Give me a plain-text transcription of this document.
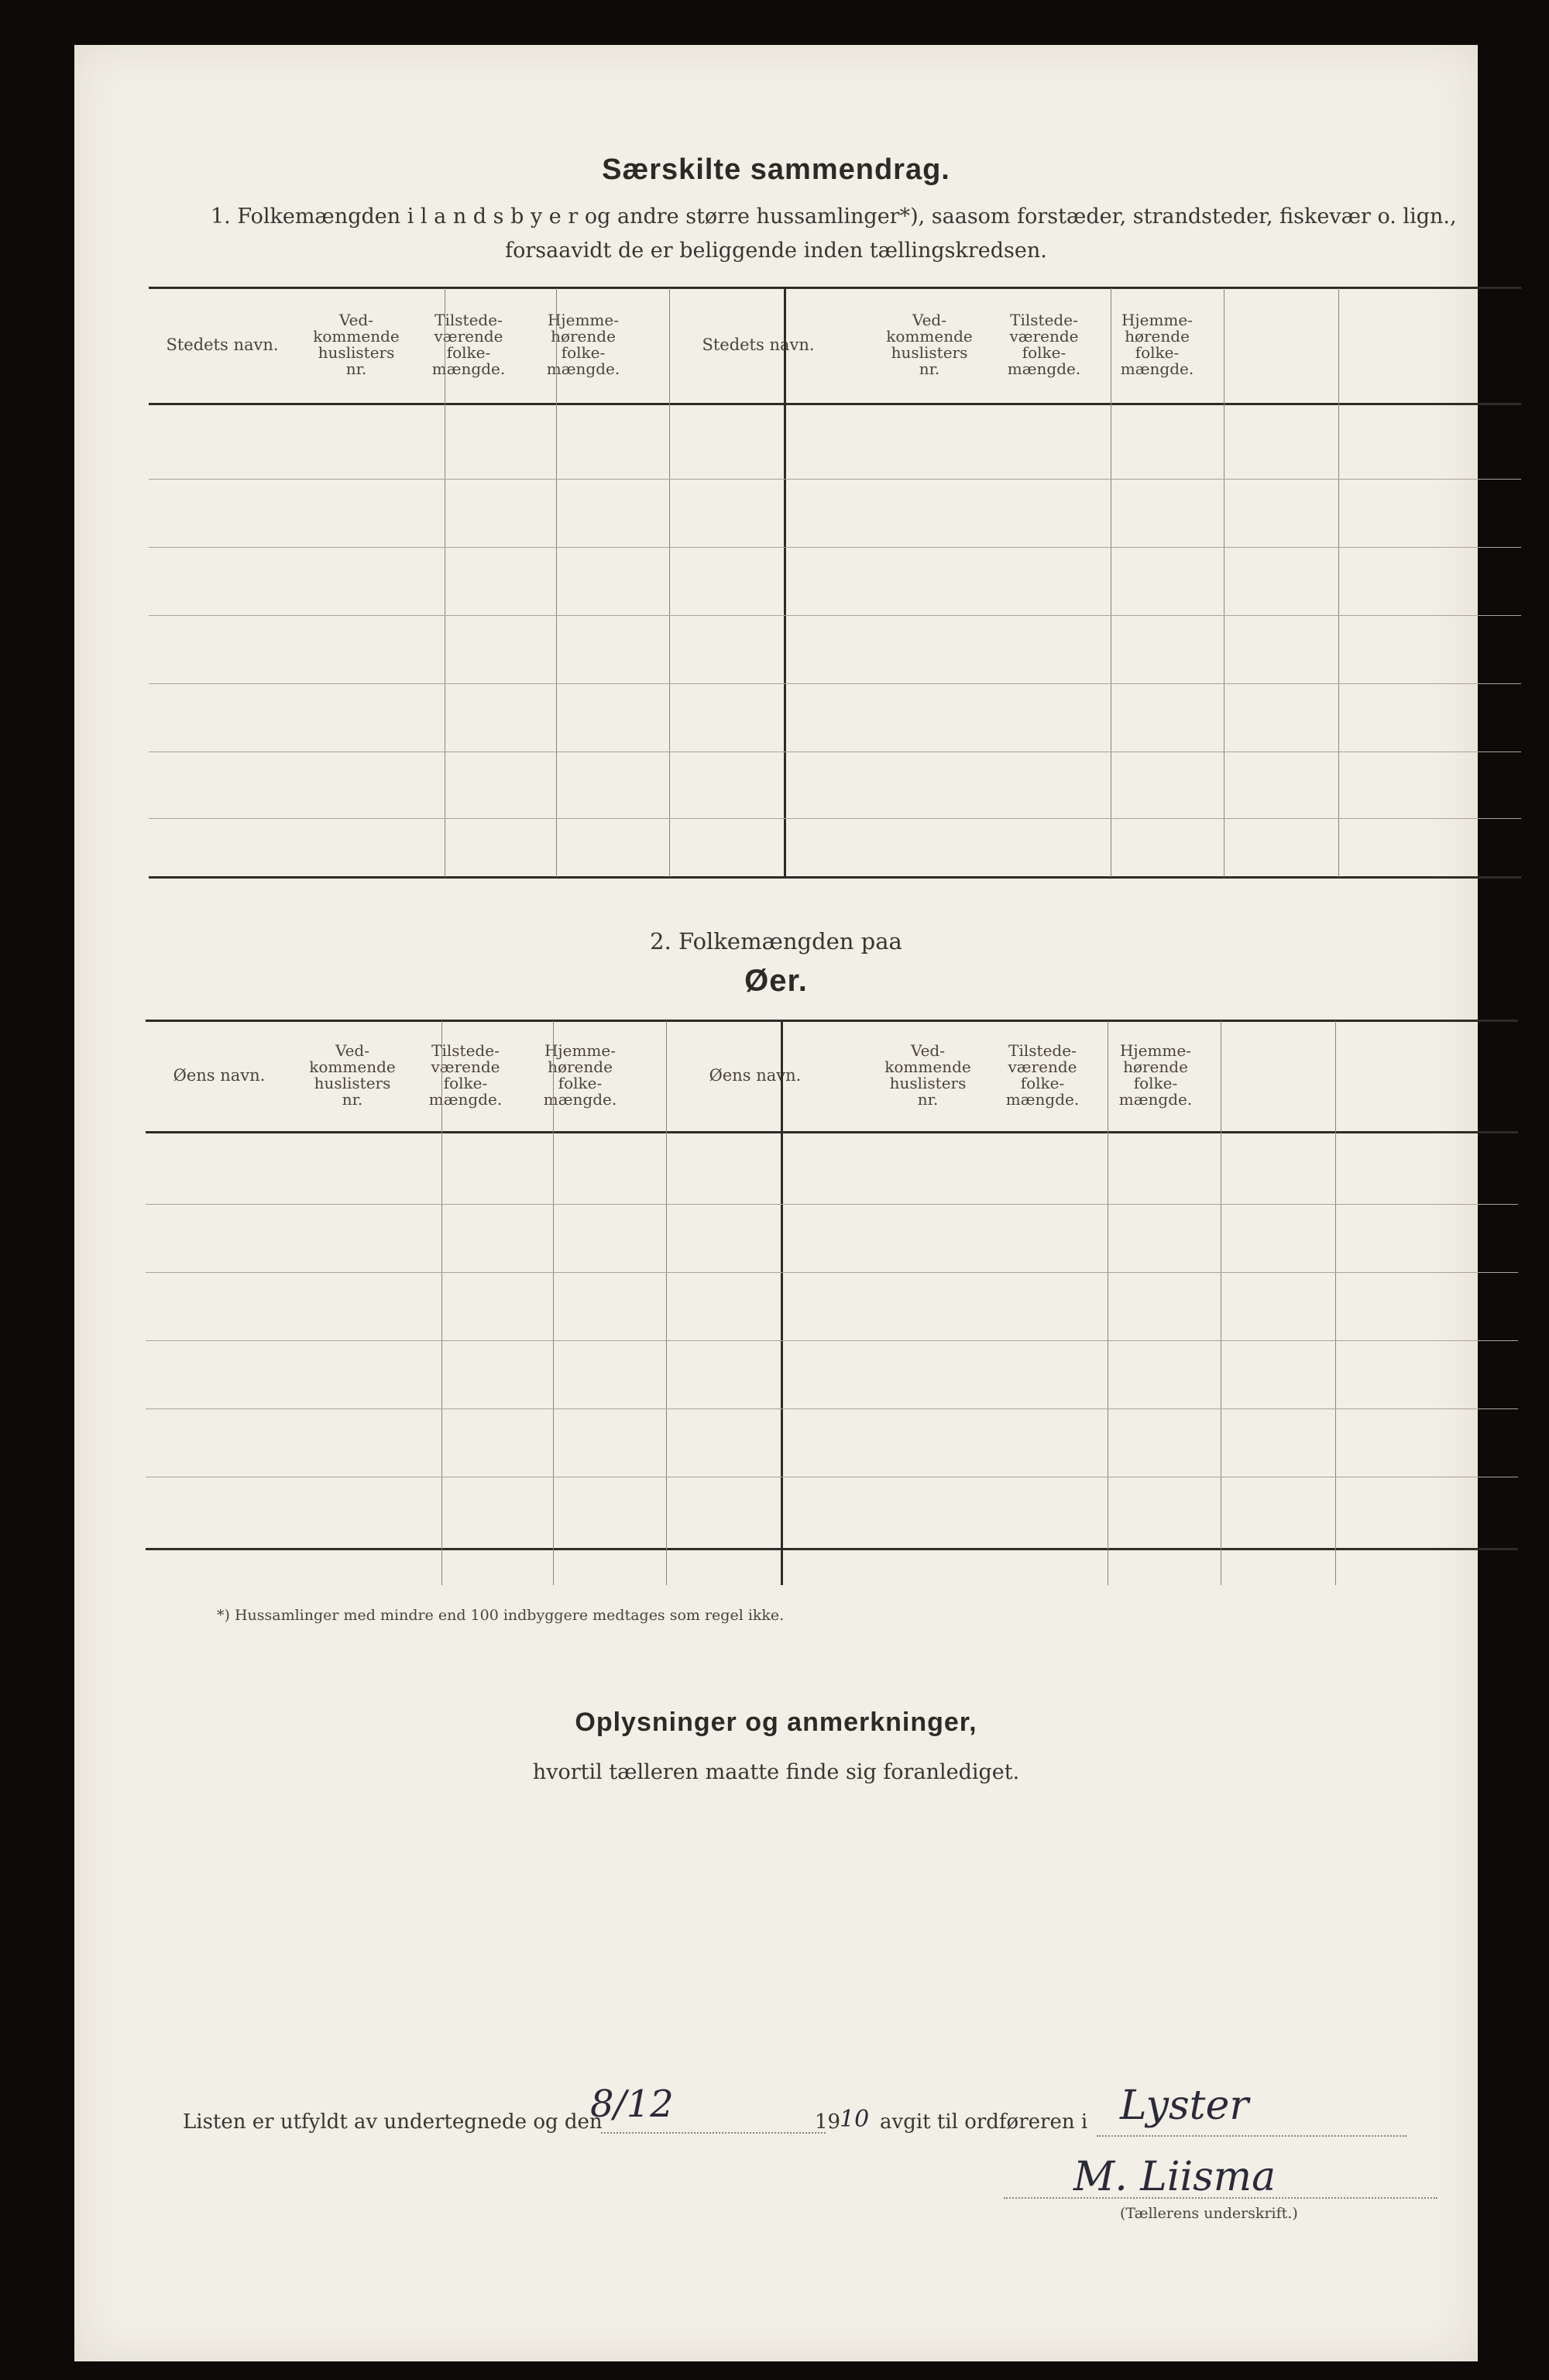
Særskilte sammendrag.
1. Folkemængden i l a n d s b y e r og andre større hussamlinger*), saasom forstæder, strandsteder, fiskevær o. lign.,
forsaavidt de er beliggende inden tællingskredsen.
Stedets navn.
Ved-
kommende
huslisters
nr.
Tilstede-
værende
folke-
mængde.
Hjemme-
hørende
folke-
mængde.
Stedets navn.
Ved-
kommende
huslisters
nr.
Tilstede-
værende
folke-
mængde.
Hjemme-
hørende
folke-
mængde.
2. Folkemængden paa
Øer.
Øens navn.
Ved-
kommende
huslisters
nr.
Tilstede-
værende
folke-
mængde.
Hjemme-
hørende
folke-
mængde.
Øens navn.
Ved-
kommende
huslisters
nr.
Tilstede-
værende
folke-
mængde.
Hjemme-
hørende
folke-
mængde.
*) Hussamlinger med mindre end 100 indbyggere medtages som regel ikke.
Oplysninger og anmerkninger,
hvortil tælleren maatte finde sig foranlediget.
Listen er utfyldt av undertegnede og den
8/12	19
10 avgit til ordføreren i Lyster
M. Liisma
(Tællerens underskrift.)
